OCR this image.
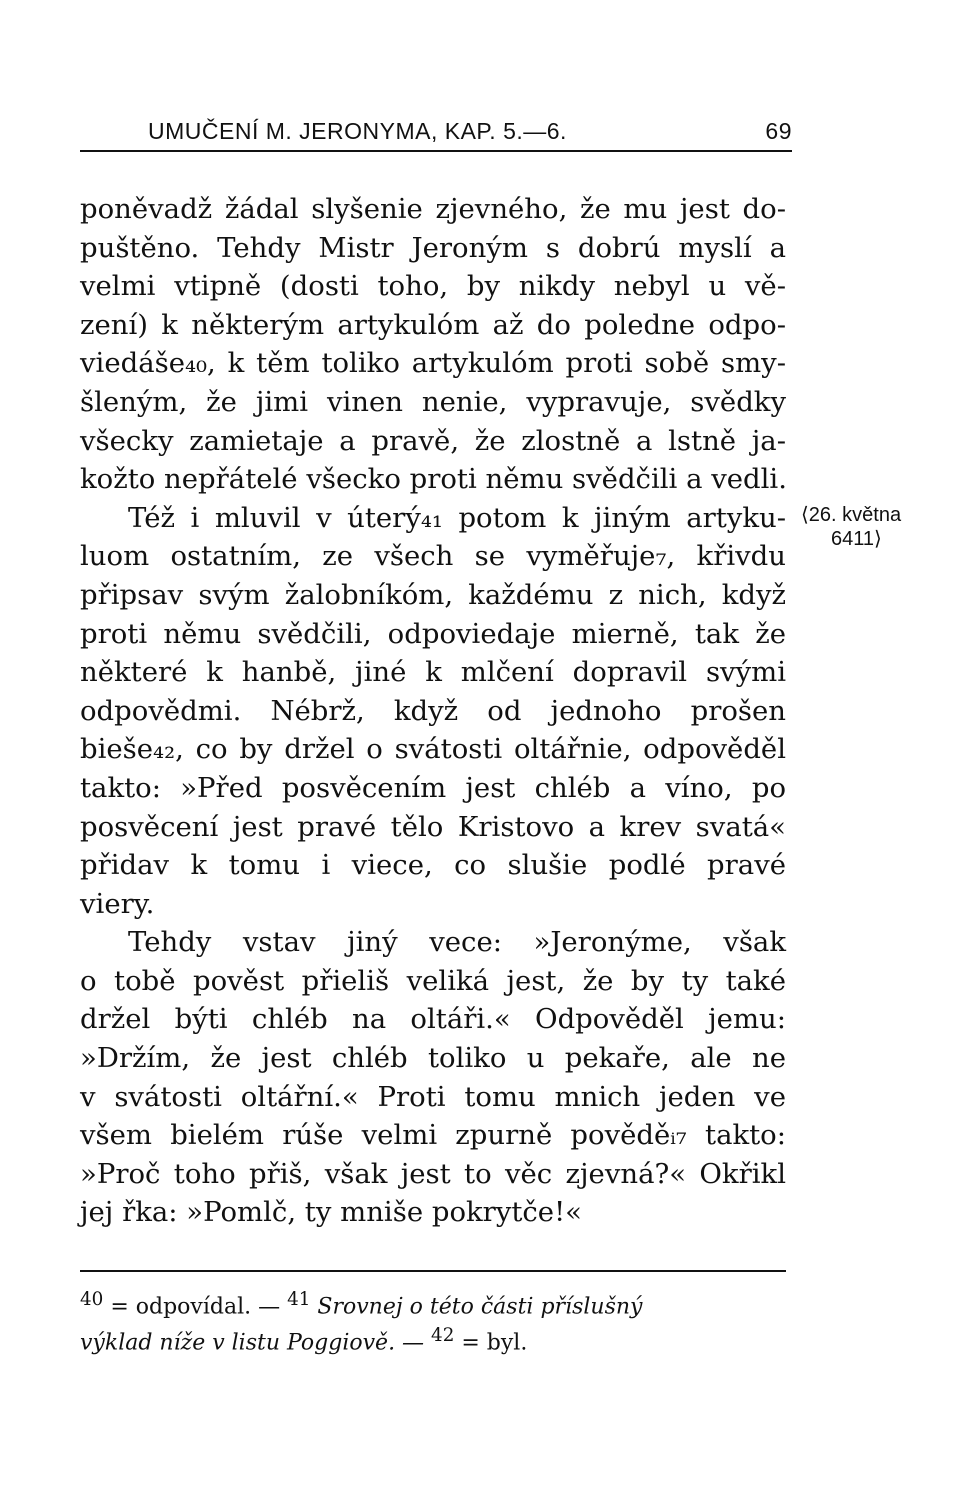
UMUČENÍ M. JERONYMA, KAP. 5.—6.	69
poněvadž žádal slyšenie zjevného, že mu jest do-
puštěno. Tehdy Mistr Jeroným s dobrú myslí a
velmi vtipně (dosti toho, by nikdy nebyl u vě-
zení) k některým artykulóm až do poledne odpo-
viedáše₄₀, k těm toliko artykulóm proti sobě smy-
šleným, že jimi vinen nenie, vypravuje, svědky
všecky zamietaje a pravě, že zlostně a lstně ja-
kožto nepřátelé všecko proti němu svědčili a vedli.
Též i mluvil v úterý₄₁ potom k jiným artyku-
luom ostatním, ze všech se vyměřuje₇, křivdu
připsav svým žalobníkóm, každému z nich, když
proti němu svědčili, odpoviedaje mierně, tak že
některé k hanbě, jiné k mlčení dopravil svými
odpovědmi. Nébrž, když od jednoho prošen
bieše₄₂, co by držel o svátosti oltářnie, odpověděl
takto: »Před posvěcením jest chléb a víno, po
posvěcení jest pravé tělo Kristovo a krev svatá«
přidav k tomu i viece, co slušie podlé pravé
viery.
Tehdy vstav jiný vece: »Jeronýme, však
o tobě pověst přieliš veliká jest, že by ty také
držel býti chléb na oltáři.« Odpověděl jemu:
»Držím, že jest chléb toliko u pekaře, ale ne
v svátosti oltářní.« Proti tomu mnich jeden ve
všem bielém rúše velmi zpurně pověděᵢ₇ takto:
»Proč toho přiš, však jest to věc zjevná?« Okřikl
jej řka: »Pomlč, ty mniše pokrytče!«
⟨26. května
6411⟩
$^{40}$ = odpovídal. — $^{41}$ Srovnej o této části příslušný
výklad níže v listu Poggiově. — $^{42}$ = byl.
